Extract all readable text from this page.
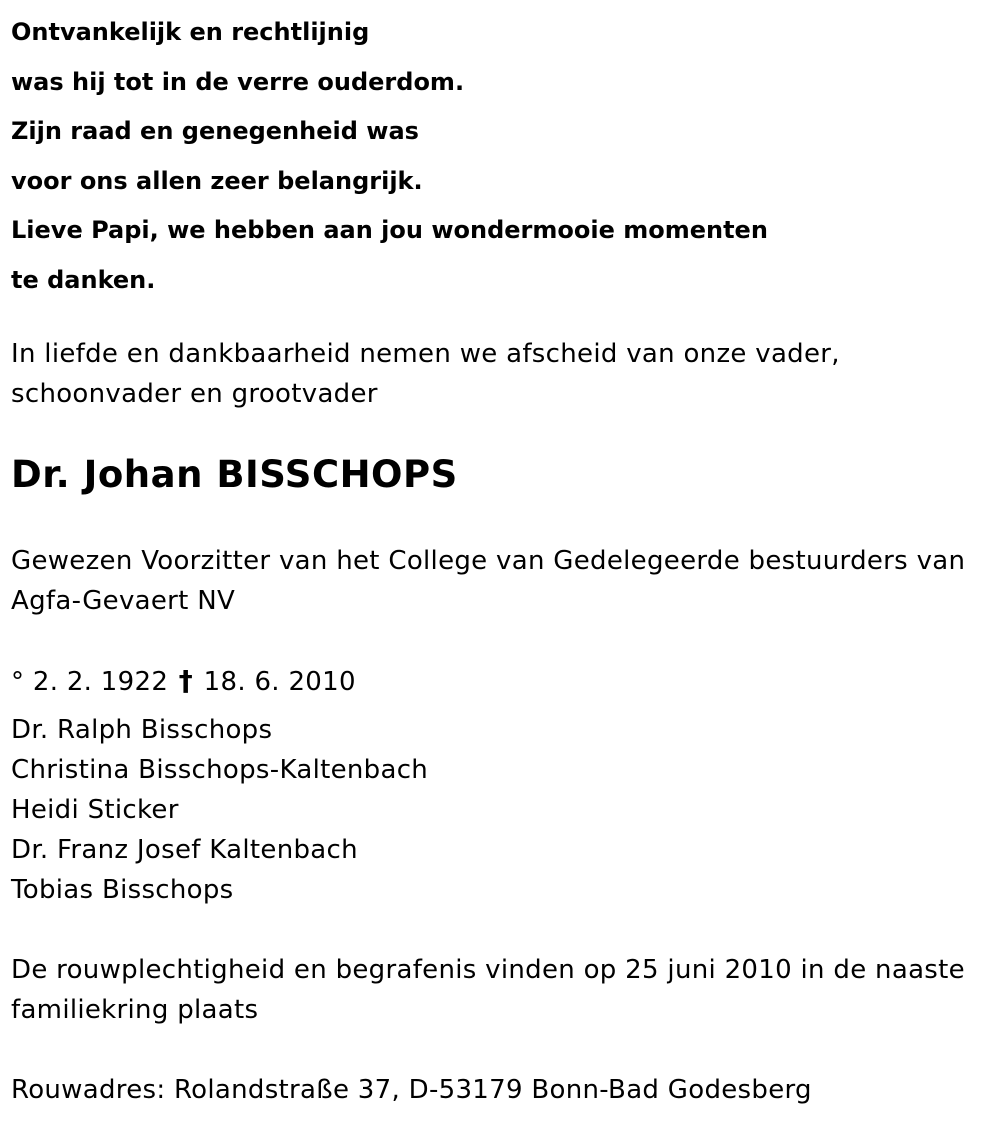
Ontvankelijk en rechtlijnig
was hij tot in de verre ouderdom.
Zijn raad en genegenheid was
voor ons allen zeer belangrijk.
Lieve Papi, we hebben aan jou wondermooie momenten
te danken.
In liefde en dankbaarheid nemen we afscheid van onze vader,
schoonvader en grootvader
Dr. Johan BISSCHOPS
Gewezen Voorzitter van het College van Gedelegeerde bestuurders van
Agfa-Gevaert NV
° 2. 2. 1922 † 18. 6. 2010
Dr. Ralph Bisschops
Christina Bisschops-Kaltenbach
Heidi Sticker
Dr. Franz Josef Kaltenbach
Tobias Bisschops
De rouwplechtigheid en begrafenis vinden op 25 juni 2010 in de naaste
familiekring plaats
Rouwadres: Rolandstraße 37, D-53179 Bonn-Bad Godesberg
